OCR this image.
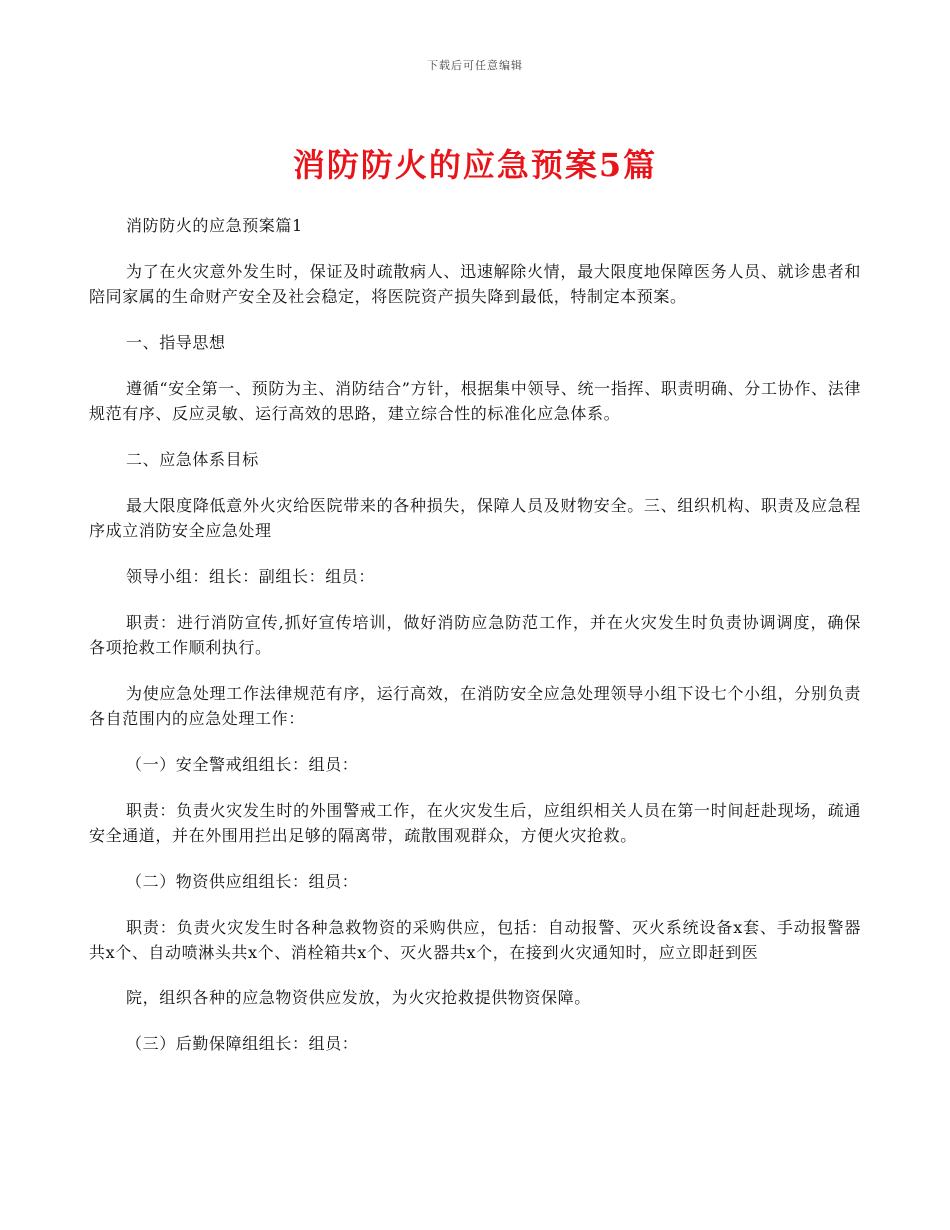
下载后可任意编辑
消防防火的应急预案5篇

消防防火的应急预案篇1

为了在火灾意外发生时，保证及时疏散病人、迅速解除火情，最大限度地保障医务人员、就诊患者和陪同家属的生命财产安全及社会稳定，将医院资产损失降到最低，特制定本预案。

一、指导思想

遵循“安全第一、预防为主、消防结合”方针，根据集中领导、统一指挥、职责明确、分工协作、法律规范有序、反应灵敏、运行高效的思路，建立综合性的标准化应急体系。

二、应急体系目标

最大限度降低意外火灾给医院带来的各种损失，保障人员及财物安全。三、组织机构、职责及应急程序成立消防安全应急处理

领导小组：组长：副组长：组员：

职责：进行消防宣传,抓好宣传培训，做好消防应急防范工作，并在火灾发生时负责协调调度，确保各项抢救工作顺利执行。

为使应急处理工作法律规范有序，运行高效，在消防安全应急处理领导小组下设七个小组，分别负责各自范围内的应急处理工作：

（一）安全警戒组组长：组员：

职责：负责火灾发生时的外围警戒工作，在火灾发生后，应组织相关人员在第一时间赶赴现场，疏通安全通道，并在外围用拦出足够的隔离带，疏散围观群众，方便火灾抢救。

（二）物资供应组组长：组员：

职责：负责火灾发生时各种急救物资的采购供应，包括：自动报警、灭火系统设备x套、手动报警器共x个、自动喷淋头共x个、消栓箱共x个、灭火器共x个，在接到火灾通知时，应立即赶到医

院，组织各种的应急物资供应发放，为火灾抢救提供物资保障。

（三）后勤保障组组长：组员：
